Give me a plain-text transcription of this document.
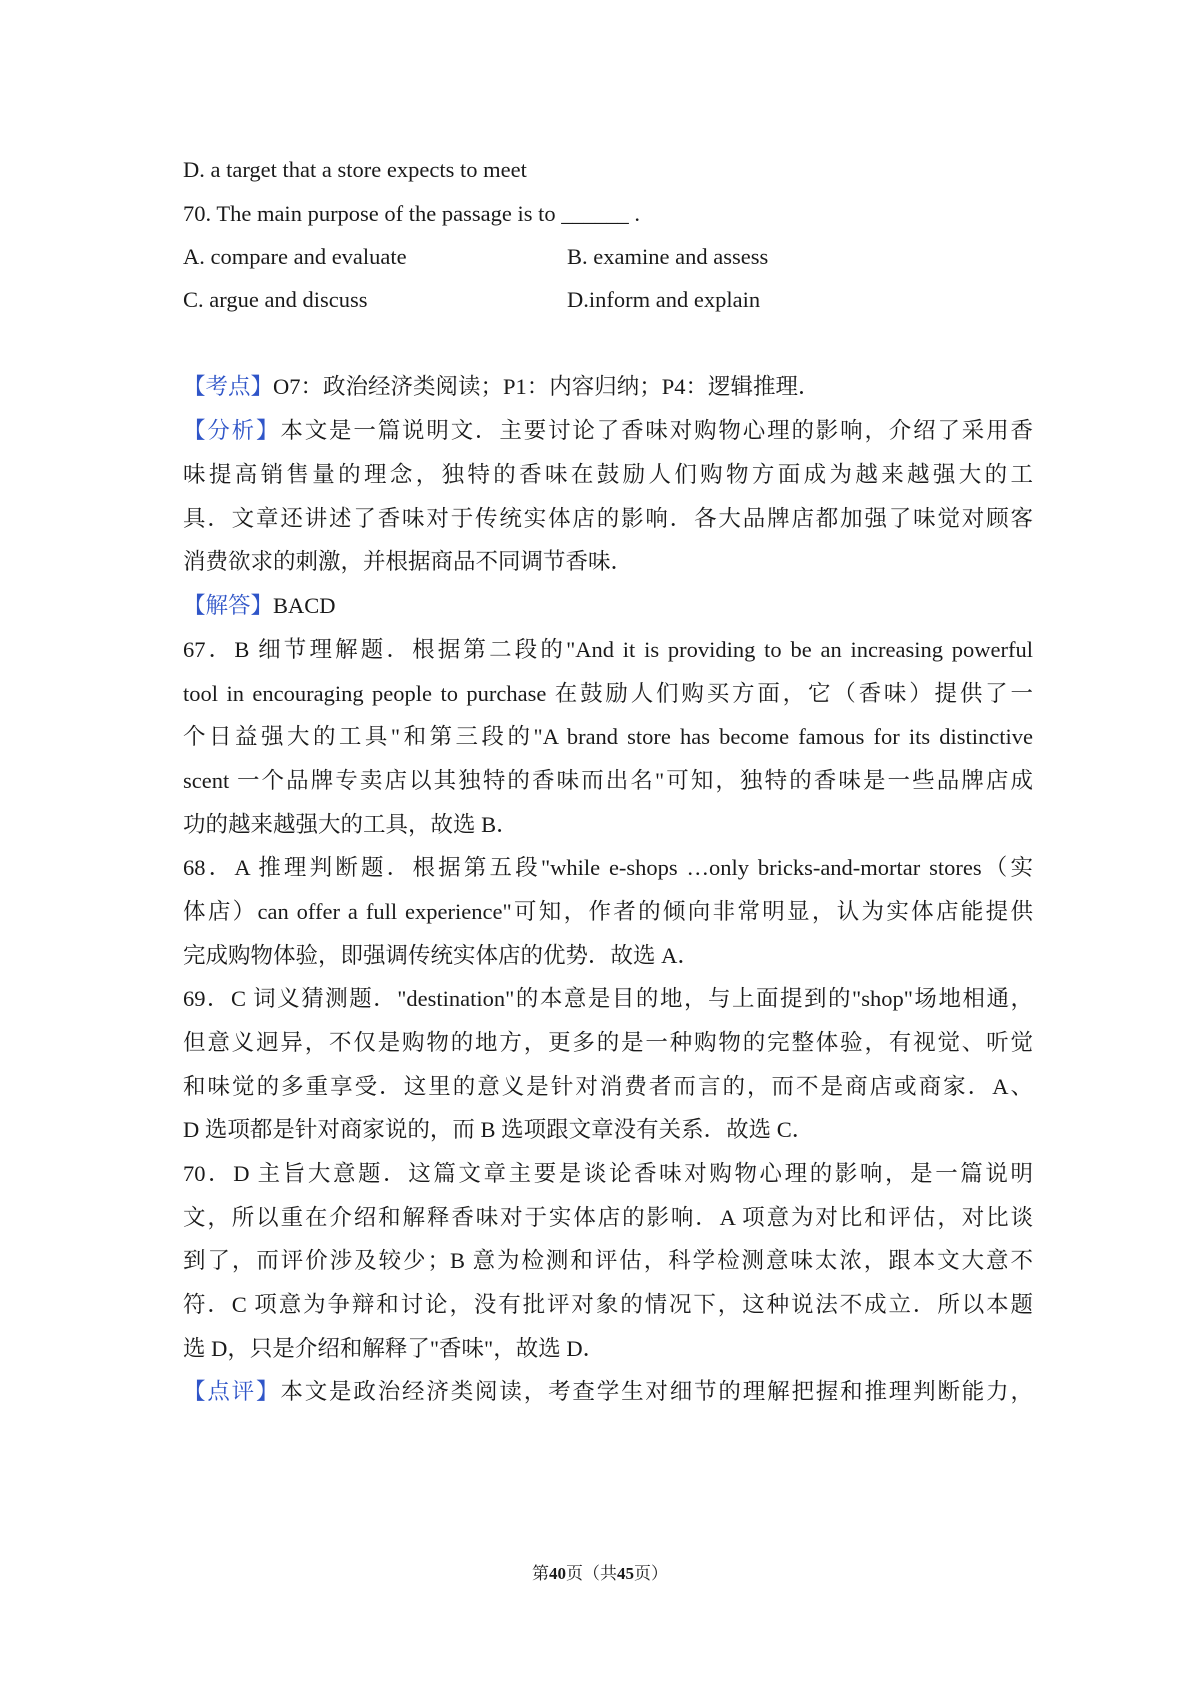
D. a target that a store expects to meet
70. The main purpose of the passage is to ______ .
A. compare and evaluate	B. examine and assess
C. argue and discuss	D.inform and explain
【考点】O7：政治经济类阅读；P1：内容归纳；P4：逻辑推理．
【分析】本文是一篇说明文．主要讨论了香味对购物心理的影响，介绍了采用香
味提高销售量的理念，独特的香味在鼓励人们购物方面成为越来越强大的工
具．文章还讲述了香味对于传统实体店的影响．各大品牌店都加强了味觉对顾客
消费欲求的刺激，并根据商品不同调节香味．
【解答】BACD
67．B 细节理解题．根据第二段的"And it is providing to be an increasing powerful
tool in encouraging people to purchase 在鼓励人们购买方面，它（香味）提供了一
个日益强大的工具"和第三段的"A brand store has become famous for its distinctive
scent 一个品牌专卖店以其独特的香味而出名"可知，独特的香味是一些品牌店成
功的越来越强大的工具，故选 B．
68．A 推理判断题．根据第五段"while e-shops …only bricks-and-mortar stores（实
体店）can offer a full experience"可知，作者的倾向非常明显，认为实体店能提供
完成购物体验，即强调传统实体店的优势．故选 A．
69．C 词义猜测题．"destination"的本意是目的地，与上面提到的"shop"场地相通，
但意义迥异，不仅是购物的地方，更多的是一种购物的完整体验，有视觉、听觉
和味觉的多重享受．这里的意义是针对消费者而言的，而不是商店或商家．A、
D 选项都是针对商家说的，而 B 选项跟文章没有关系．故选 C．
70．D 主旨大意题．这篇文章主要是谈论香味对购物心理的影响，是一篇说明
文，所以重在介绍和解释香味对于实体店的影响．A 项意为对比和评估，对比谈
到了，而评价涉及较少；B 意为检测和评估，科学检测意味太浓，跟本文大意不
符．C 项意为争辩和讨论，没有批评对象的情况下，这种说法不成立．所以本题
选 D，只是介绍和解释了"香味"，故选 D．
【点评】本文是政治经济类阅读，考查学生对细节的理解把握和推理判断能力，
第40页（共45页）
